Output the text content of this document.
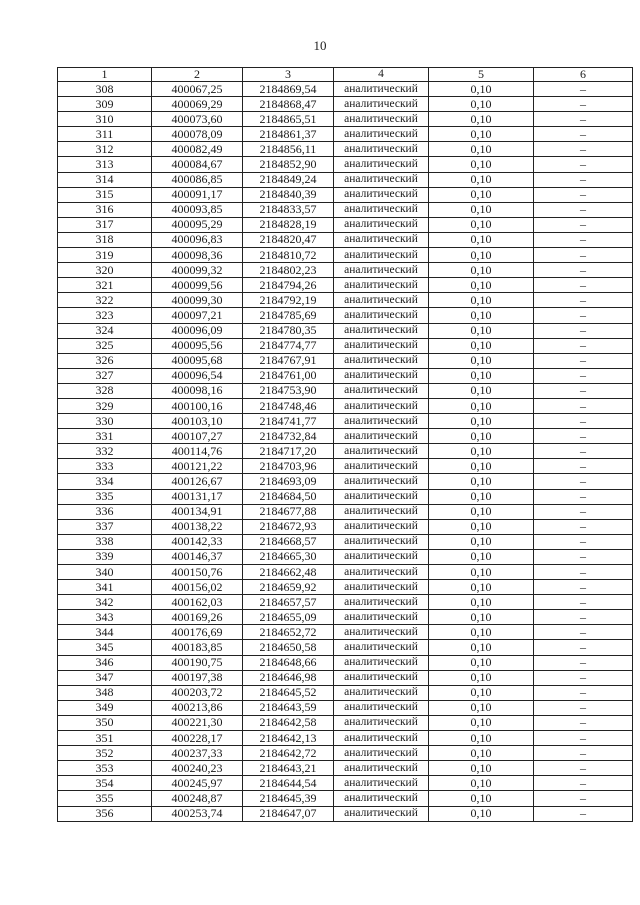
10
1	2	3	4	5	6
308	400067,25	2184869,54	аналитический	0,10	–
309	400069,29	2184868,47	аналитический	0,10	–
310	400073,60	2184865,51	аналитический	0,10	–
311	400078,09	2184861,37	аналитический	0,10	–
312	400082,49	2184856,11	аналитический	0,10	–
313	400084,67	2184852,90	аналитический	0,10	–
314	400086,85	2184849,24	аналитический	0,10	–
315	400091,17	2184840,39	аналитический	0,10	–
316	400093,85	2184833,57	аналитический	0,10	–
317	400095,29	2184828,19	аналитический	0,10	–
318	400096,83	2184820,47	аналитический	0,10	–
319	400098,36	2184810,72	аналитический	0,10	–
320	400099,32	2184802,23	аналитический	0,10	–
321	400099,56	2184794,26	аналитический	0,10	–
322	400099,30	2184792,19	аналитический	0,10	–
323	400097,21	2184785,69	аналитический	0,10	–
324	400096,09	2184780,35	аналитический	0,10	–
325	400095,56	2184774,77	аналитический	0,10	–
326	400095,68	2184767,91	аналитический	0,10	–
327	400096,54	2184761,00	аналитический	0,10	–
328	400098,16	2184753,90	аналитический	0,10	–
329	400100,16	2184748,46	аналитический	0,10	–
330	400103,10	2184741,77	аналитический	0,10	–
331	400107,27	2184732,84	аналитический	0,10	–
332	400114,76	2184717,20	аналитический	0,10	–
333	400121,22	2184703,96	аналитический	0,10	–
334	400126,67	2184693,09	аналитический	0,10	–
335	400131,17	2184684,50	аналитический	0,10	–
336	400134,91	2184677,88	аналитический	0,10	–
337	400138,22	2184672,93	аналитический	0,10	–
338	400142,33	2184668,57	аналитический	0,10	–
339	400146,37	2184665,30	аналитический	0,10	–
340	400150,76	2184662,48	аналитический	0,10	–
341	400156,02	2184659,92	аналитический	0,10	–
342	400162,03	2184657,57	аналитический	0,10	–
343	400169,26	2184655,09	аналитический	0,10	–
344	400176,69	2184652,72	аналитический	0,10	–
345	400183,85	2184650,58	аналитический	0,10	–
346	400190,75	2184648,66	аналитический	0,10	–
347	400197,38	2184646,98	аналитический	0,10	–
348	400203,72	2184645,52	аналитический	0,10	–
349	400213,86	2184643,59	аналитический	0,10	–
350	400221,30	2184642,58	аналитический	0,10	–
351	400228,17	2184642,13	аналитический	0,10	–
352	400237,33	2184642,72	аналитический	0,10	–
353	400240,23	2184643,21	аналитический	0,10	–
354	400245,97	2184644,54	аналитический	0,10	–
355	400248,87	2184645,39	аналитический	0,10	–
356	400253,74	2184647,07	аналитический	0,10	–
